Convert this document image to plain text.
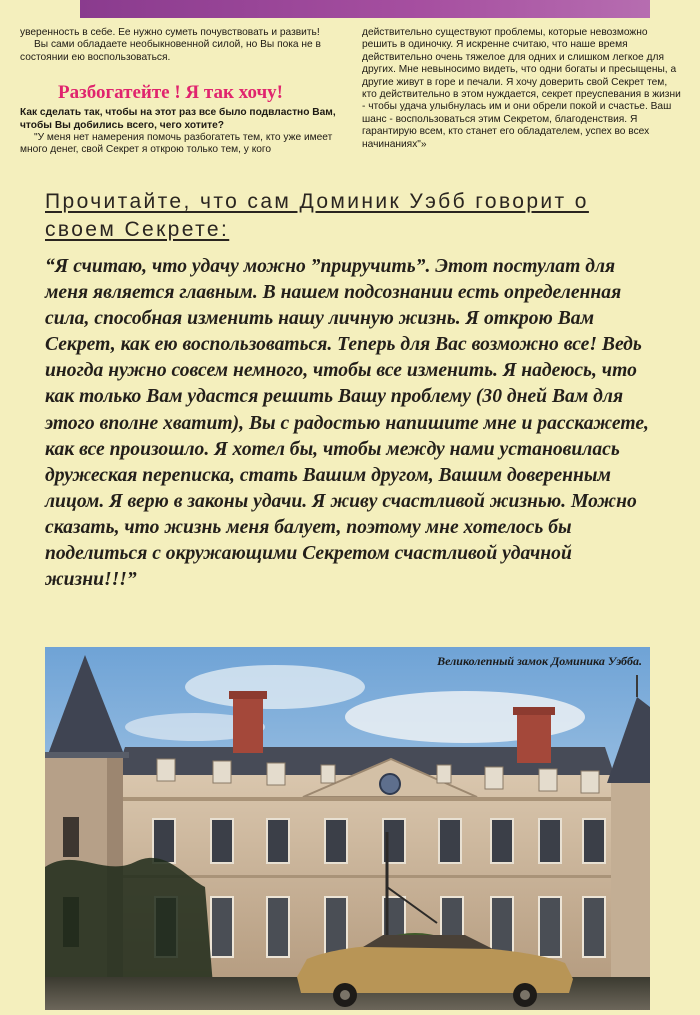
уверенность в себе. Ее нужно суметь почувствовать и развить!

Вы сами обладаете необыкновенной силой, но Вы пока не в состоянии ею воспользоваться.

Разбогатейте ! Я так хочу!

Как сделать так, чтобы на этот раз все было подвластно Вам, чтобы Вы добились всего, чего хотите?

"У меня нет намерения помочь разбогатеть тем, кто уже имеет много денег, свой Секрет я открою только тем, у кого

действительно существуют проблемы, которые невозможно решить в одиночку. Я искренне считаю, что наше время действительно очень тяжелое для одних и слишком легкое для других. Мне невыносимо видеть, что одни богаты и пресыщены, а другие живут в горе и печали. Я хочу доверить свой Секрет тем, кто действительно в этом нуждается, секрет преуспевания в жизни - чтобы удача улыбнулась им и они обрели покой и счастье. Ваш шанс - воспользоваться этим Секретом, благоденствия. Я гарантирую всем, кто станет его обладателем, успех во всех начинаниях"»

Прочитайте, что сам Доминик Уэбб говорит о своем Секрете:

“Я считаю, что удачу можно ”приручить”. Этот постулат для меня является главным. В нашем подсознании есть определенная сила, способная изменить нашу личную жизнь. Я открою Вам Секрет, как ею воспользоваться. Теперь для Вас возможно все! Ведь иногда нужно совсем немного, чтобы все изменить. Я надеюсь, что как только Вам удастся решить Вашу проблему (30 дней Вам для этого вполне хватит), Вы с радостью напишите мне и расскажете, как все произошло. Я хотел бы, чтобы между нами установилась дружеская переписка, стать Вашим другом, Вашим доверенным лицом. Я верю в законы удачи. Я живу счастливой жизнью. Можно сказать, что жизнь меня балует, поэтому мне хотелось бы поделиться с окружающими Секретом счастливой удачной жизни!!!”

Великолепный замок Доминика Уэбба.
